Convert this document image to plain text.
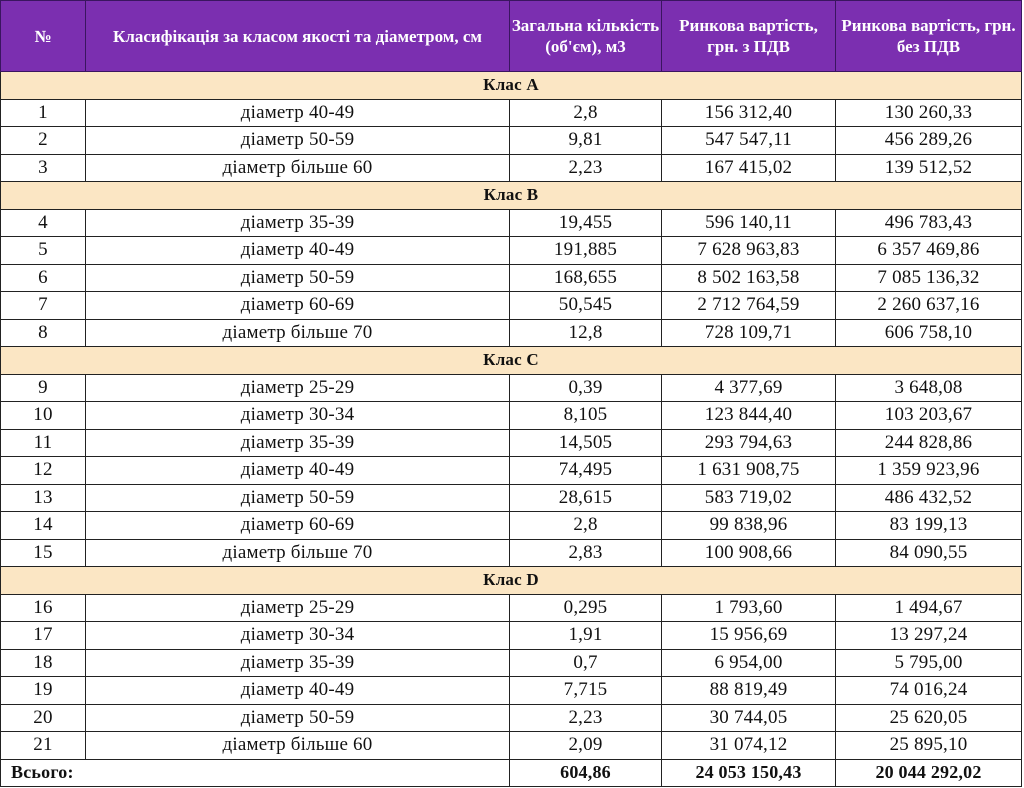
№	Класифікація за класом якості та діаметром, см	Загальна кількість (об'єм), м3	Ринкова вартість, грн. з ПДВ	Ринкова вартість, грн. без ПДВ
Клас А				
1	діаметр 40-49	2,8	156 312,40	130 260,33
2	діаметр 50-59	9,81	547 547,11	456 289,26
3	діаметр більше 60	2,23	167 415,02	139 512,52
Клас В				
4	діаметр 35-39	19,455	596 140,11	496 783,43
5	діаметр 40-49	191,885	7 628 963,83	6 357 469,86
6	діаметр 50-59	168,655	8 502 163,58	7 085 136,32
7	діаметр 60-69	50,545	2 712 764,59	2 260 637,16
8	діаметр більше 70	12,8	728 109,71	606 758,10
Клас С				
9	діаметр 25-29	0,39	4 377,69	3 648,08
10	діаметр 30-34	8,105	123 844,40	103 203,67
11	діаметр 35-39	14,505	293 794,63	244 828,86
12	діаметр 40-49	74,495	1 631 908,75	1 359 923,96
13	діаметр 50-59	28,615	583 719,02	486 432,52
14	діаметр 60-69	2,8	99 838,96	83 199,13
15	діаметр більше 70	2,83	100 908,66	84 090,55
Клас D				
16	діаметр 25-29	0,295	1 793,60	1 494,67
17	діаметр 30-34	1,91	15 956,69	13 297,24
18	діаметр 35-39	0,7	6 954,00	5 795,00
19	діаметр 40-49	7,715	88 819,49	74 016,24
20	діаметр 50-59	2,23	30 744,05	25 620,05
21	діаметр більше 60	2,09	31 074,12	25 895,10
Всього:		604,86	24 053 150,43	20 044 292,02
